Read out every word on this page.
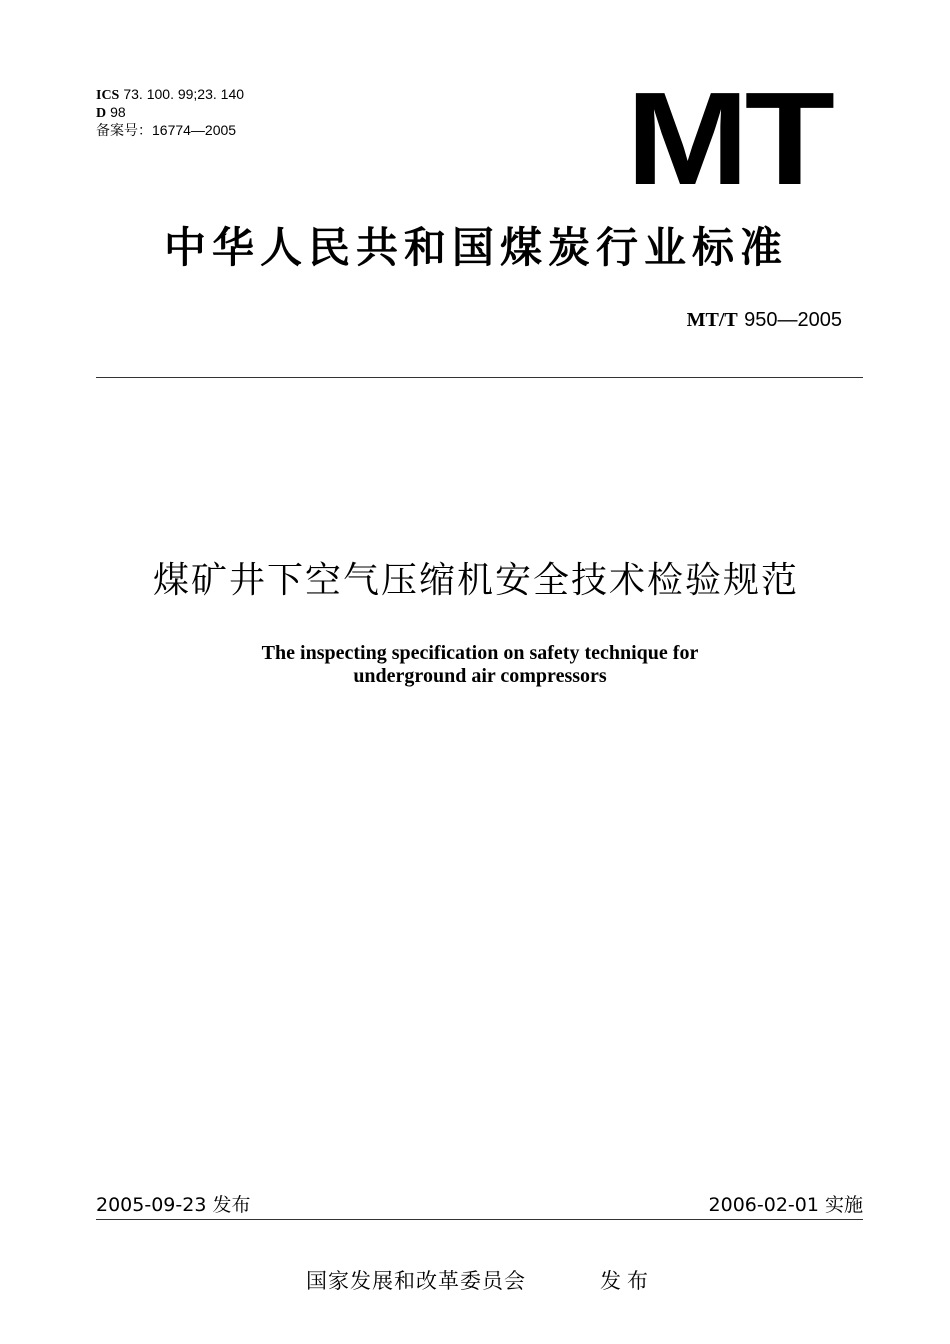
ICS 73. 100. 99;23. 140
D 98
备案号：16774—2005	MT
中华人民共和国煤炭行业标准
MT/T 950—2005
煤矿井下空气压缩机安全技术检验规范
The inspecting specification on safety technique for
underground air compressors
2005-09-23 发布	2006-02-01 实施
国家发展和改革委员会	发布
